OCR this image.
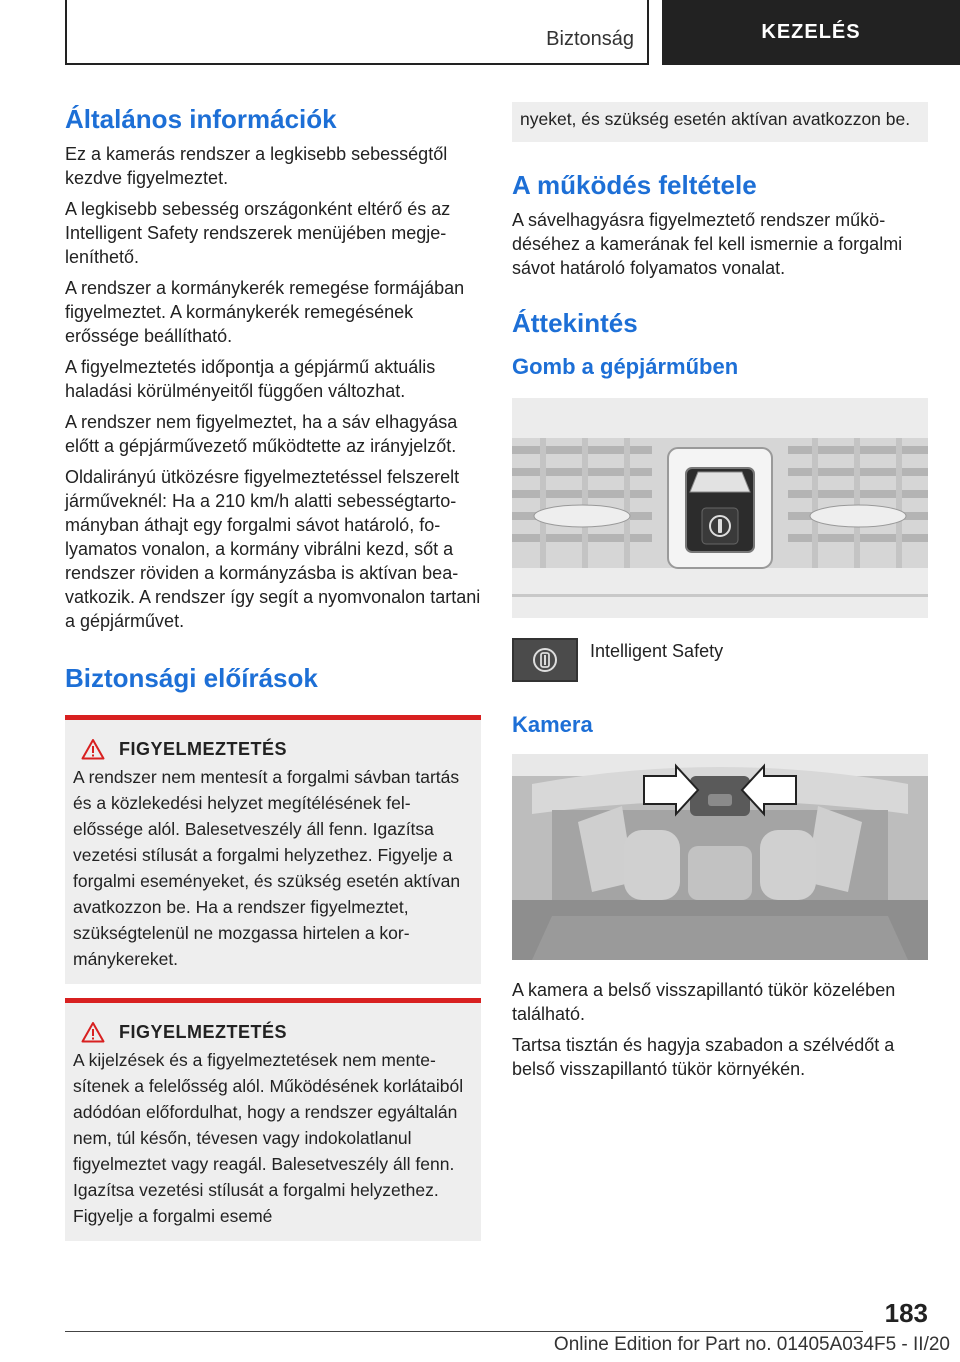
Biztonság	KEZELÉS
Általános információk

Ez a kamerás rendszer a legkisebb sebességtől kezdve figyelmeztet.

A legkisebb sebesség országonként eltérő és az Intelligent Safety rendszerek menüjében megjeleníthető.

A rendszer a kormánykerék remegése formájában figyelmeztet. A kormánykerék remegésének erőssége beállítható.

A figyelmeztetés időpontja a gépjármű aktuális haladási körülményeitől függően változhat.

A rendszer nem figyelmeztet, ha a sáv elhagyása előtt a gépjárművezető működtette az irányjelzőt.

Oldalirányú ütközésre figyelmeztetéssel felszerelt járműveknél: Ha a 210 km/h alatti sebességtartományban áthajt egy forgalmi sávot határoló, folyamatos vonalon, a kormány vibrálni kezd, sőt a rendszer röviden a kormányzásba is aktívan beavatkozik. A rendszer így segít a nyomvonalon tartani a gépjárművet.

Biztonsági előírások
FIGYELMEZTETÉS

A rendszer nem mentesít a forgalmi sávban tartás és a közlekedési helyzet megítélésének felelőssége alól. Balesetveszély áll fenn. Igazítsa vezetési stílusát a forgalmi helyzethez. Figyelje a forgalmi eseményeket, és szükség esetén aktívan avatkozzon be. Ha a rendszer figyelmeztet, szükségtelenül ne mozgassa hirtelen a kormánykereket.

FIGYELMEZTETÉS

A kijelzések és a figyelmeztetések nem mentesítenek a felelősség alól. Működésének korlátaiból adódóan előfordulhat, hogy a rendszer egyáltalán nem, túl későn, tévesen vagy indokolatlanul figyelmeztet vagy reagál. Balesetveszély áll fenn. Igazítsa vezetési stílusát a forgalmi helyzethez. Figyelje a forgalmi esemé

nyeket, és szükség esetén aktívan avatkozzon be.

A működés feltétele

A sávelhagyásra figyelmeztető rendszer működéséhez a kamerának fel kell ismernie a forgalmi sávot határoló folyamatos vonalat.

Áttekintés
Gomb a gépjárműben

Intelligent Safety

Kamera

A kamera a belső visszapillantó tükör közelében található.

Tartsa tisztán és hagyja szabadon a szélvédőt a belső visszapillantó tükör környékén.

183
Online Edition for Part no. 01405A034F5 - II/20
